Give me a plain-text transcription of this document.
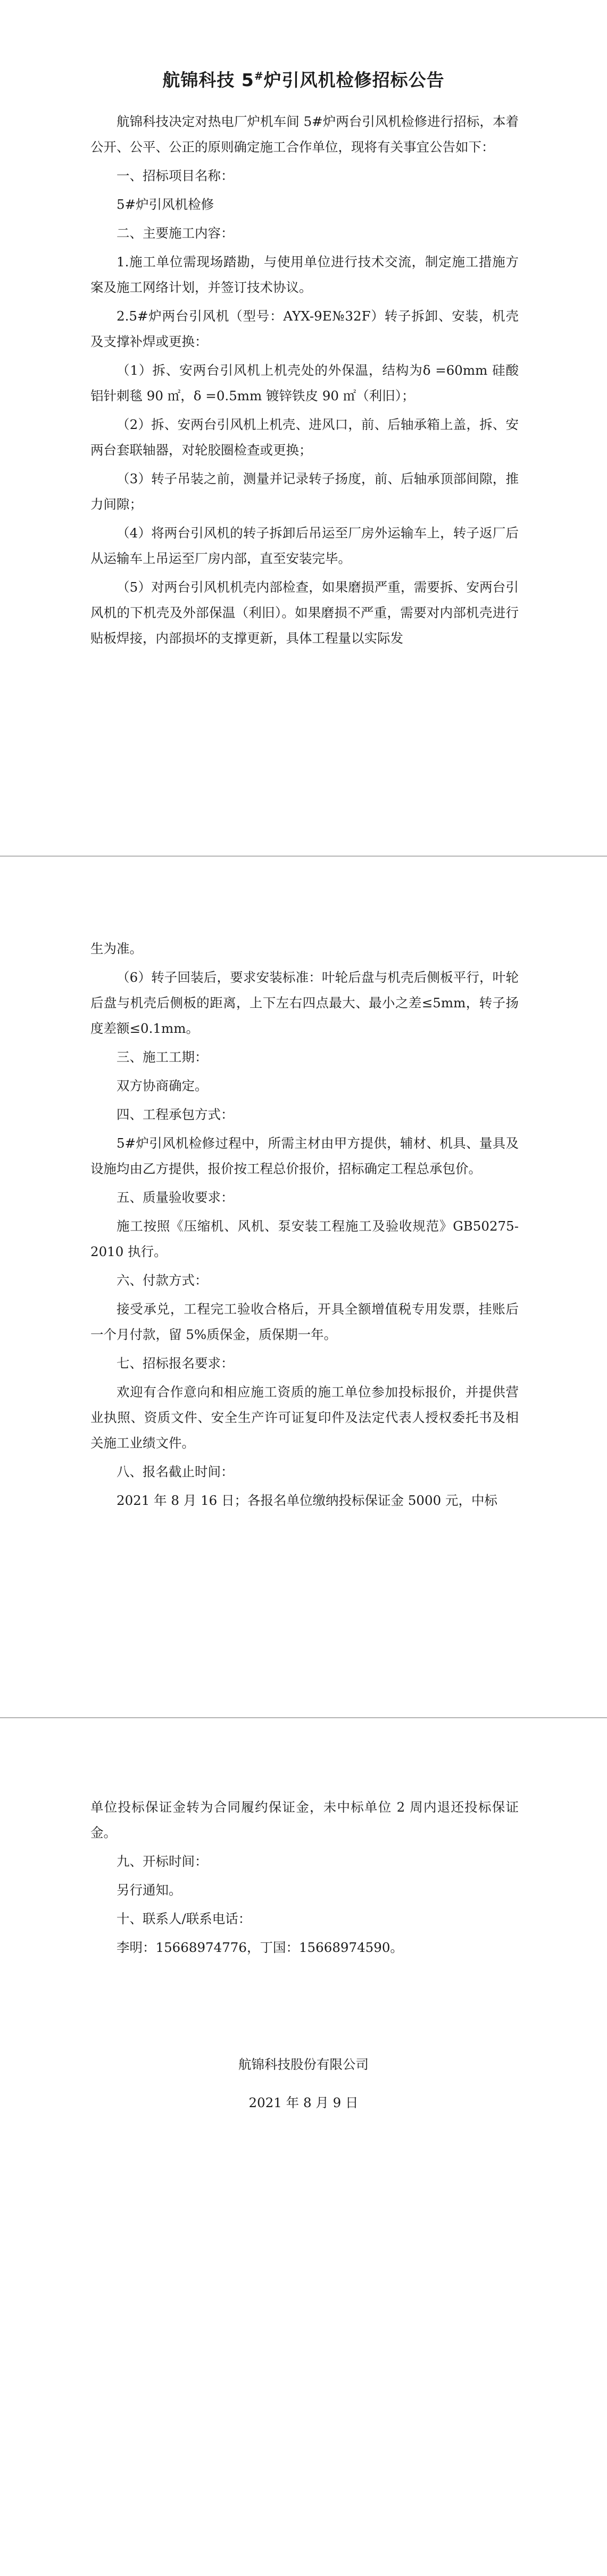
航锦科技 5#炉引风机检修招标公告

航锦科技决定对热电厂炉机车间 5#炉两台引风机检修进行招标，本着公开、公平、公正的原则确定施工合作单位，现将有关事宜公告如下：

一、招标项目名称：

5#炉引风机检修

二、主要施工内容：

1.施工单位需现场踏勘，与使用单位进行技术交流，制定施工措施方案及施工网络计划，并签订技术协议。

2.5#炉两台引风机（型号：AYX-9E№32F）转子拆卸、安装，机壳及支撑补焊或更换：

（1）拆、安两台引风机上机壳处的外保温，结构为δ =60mm 硅酸铝针刺毯 90 ㎡，δ =0.5mm 镀锌铁皮 90 ㎡（利旧）；

（2）拆、安两台引风机上机壳、进风口，前、后轴承箱上盖，拆、安两台套联轴器，对轮胶圈检查或更换；

（3）转子吊装之前，测量并记录转子扬度，前、后轴承顶部间隙，推力间隙；

（4）将两台引风机的转子拆卸后吊运至厂房外运输车上，转子返厂后从运输车上吊运至厂房内部，直至安装完毕。

（5）对两台引风机机壳内部检查，如果磨损严重，需要拆、安两台引风机的下机壳及外部保温（利旧）。如果磨损不严重，需要对内部机壳进行贴板焊接，内部损坏的支撑更新，具体工程量以实际发

生为准。

（6）转子回装后，要求安装标准：叶轮后盘与机壳后侧板平行，叶轮后盘与机壳后侧板的距离，上下左右四点最大、最小之差≤5mm，转子扬度差额≤0.1mm。

三、施工工期：

双方协商确定。

四、工程承包方式：

5#炉引风机检修过程中，所需主材由甲方提供，辅材、机具、量具及设施均由乙方提供，报价按工程总价报价，招标确定工程总承包价。

五、质量验收要求：

施工按照《压缩机、风机、泵安装工程施工及验收规范》GB50275-2010 执行。

六、付款方式：

接受承兑，工程完工验收合格后，开具全额增值税专用发票，挂账后一个月付款，留 5%质保金，质保期一年。

七、招标报名要求：

欢迎有合作意向和相应施工资质的施工单位参加投标报价，并提供营业执照、资质文件、安全生产许可证复印件及法定代表人授权委托书及相关施工业绩文件。

八、报名截止时间：

2021 年 8 月 16 日；各报名单位缴纳投标保证金 5000 元，中标

单位投标保证金转为合同履约保证金，未中标单位 2 周内退还投标保证金。

九、开标时间：

另行通知。

十、联系人/联系电话：

李明：15668974776，丁国：15668974590。

航锦科技股份有限公司
2021 年 8 月 9 日
